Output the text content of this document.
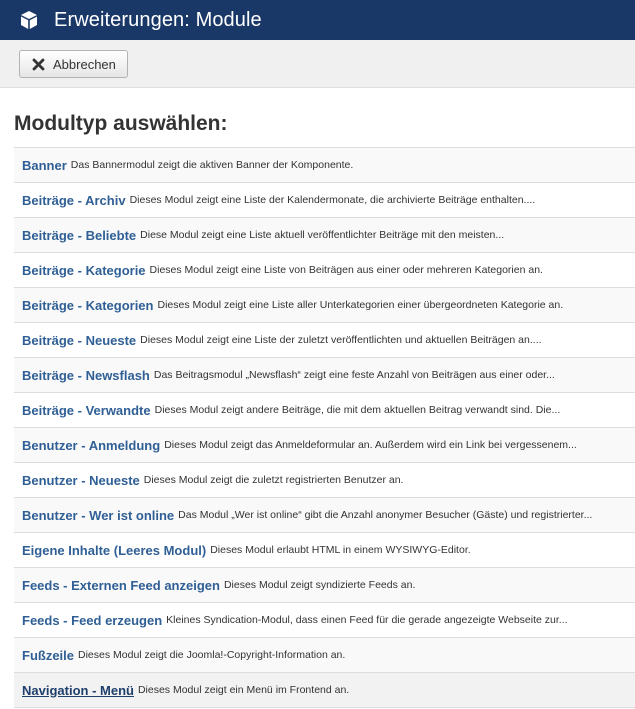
Erweiterungen: Module
Abbrechen
Modultyp auswählen:
Banner Das Bannermodul zeigt die aktiven Banner der Komponente.
Beiträge - Archiv Dieses Modul zeigt eine Liste der Kalendermonate, die archivierte Beiträge enthalten....
Beiträge - Beliebte Diese Modul zeigt eine Liste aktuell veröffentlichter Beiträge mit den meisten...
Beiträge - Kategorie Dieses Modul zeigt eine Liste von Beiträgen aus einer oder mehreren Kategorien an.
Beiträge - Kategorien Dieses Modul zeigt eine Liste aller Unterkategorien einer übergeordneten Kategorie an.
Beiträge - Neueste Dieses Modul zeigt eine Liste der zuletzt veröffentlichten und aktuellen Beiträgen an....
Beiträge - Newsflash Das Beitragsmodul „Newsflash“ zeigt eine feste Anzahl von Beiträgen aus einer oder...
Beiträge - Verwandte Dieses Modul zeigt andere Beiträge, die mit dem aktuellen Beitrag verwandt sind. Die...
Benutzer - Anmeldung Dieses Modul zeigt das Anmeldeformular an. Außerdem wird ein Link bei vergessenem...
Benutzer - Neueste Dieses Modul zeigt die zuletzt registrierten Benutzer an.
Benutzer - Wer ist online Das Modul „Wer ist online“ gibt die Anzahl anonymer Besucher (Gäste) und registrierter...
Eigene Inhalte (Leeres Modul) Dieses Modul erlaubt HTML in einem WYSIWYG-Editor.
Feeds - Externen Feed anzeigen Dieses Modul zeigt syndizierte Feeds an.
Feeds - Feed erzeugen Kleines Syndication-Modul, dass einen Feed für die gerade angezeigte Webseite zur...
Fußzeile Dieses Modul zeigt die Joomla!-Copyright-Information an.
Navigation - Menü Dieses Modul zeigt ein Menü im Frontend an.
